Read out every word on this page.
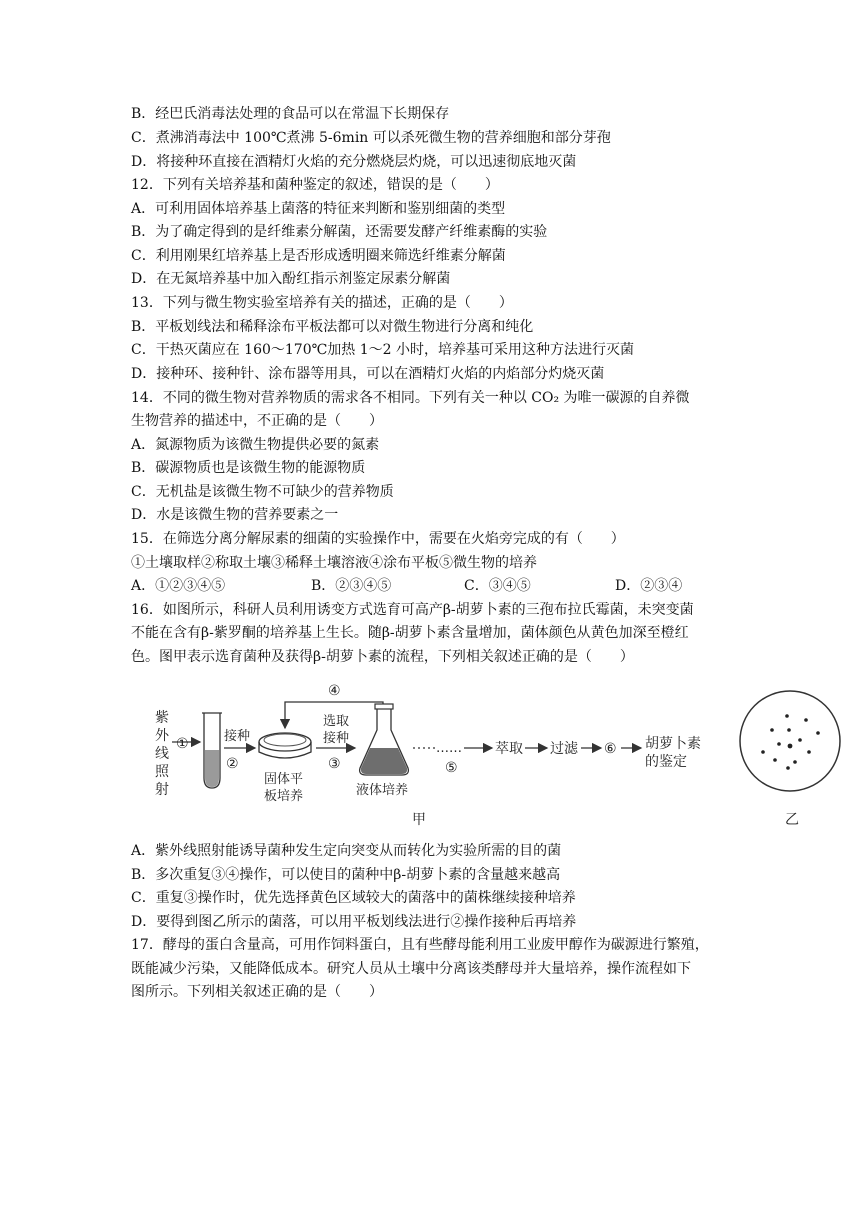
B．经巴氏消毒法处理的食品可以在常温下长期保存
C．煮沸消毒法中 100℃煮沸 5-6min 可以杀死微生物的营养细胞和部分芽孢
D．将接种环直接在酒精灯火焰的充分燃烧层灼烧，可以迅速彻底地灭菌
12．下列有关培养基和菌种鉴定的叙述，错误的是（　　）
A．可利用固体培养基上菌落的特征来判断和鉴别细菌的类型
B．为了确定得到的是纤维素分解菌，还需要发酵产纤维素酶的实验
C．利用刚果红培养基上是否形成透明圈来筛选纤维素分解菌
D．在无氮培养基中加入酚红指示剂鉴定尿素分解菌
13．下列与微生物实验室培养有关的描述，正确的是（　　）
B．平板划线法和稀释涂布平板法都可以对微生物进行分离和纯化
C．干热灭菌应在 160～170℃加热 1～2 小时，培养基可采用这种方法进行灭菌
D．接种环、接种针、涂布器等用具，可以在酒精灯火焰的内焰部分灼烧灭菌
14．不同的微生物对营养物质的需求各不相同。下列有关一种以 CO₂ 为唯一碳源的自养微
生物营养的描述中，不正确的是（　　）
A．氮源物质为该微生物提供必要的氮素
B．碳源物质也是该微生物的能源物质
C．无机盐是该微生物不可缺少的营养物质
D．水是该微生物的营养要素之一
15．在筛选分离分解尿素的细菌的实验操作中，需要在火焰旁完成的有（　　）
①土壤取样②称取土壤③稀释土壤溶液④涂布平板⑤微生物的培养
A．①②③④⑤	B．②③④⑤	C．③④⑤	D．②③④
16．如图所示，科研人员利用诱变方式选育可高产β-胡萝卜素的三孢布拉氏霉菌，未突变菌
不能在含有β-紫罗酮的培养基上生长。随β-胡萝卜素含量增加，菌体颜色从黄色加深至橙红
色。图甲表示选育菌种及获得β-胡萝卜素的流程，下列相关叙述正确的是（　　）
紫
外
线
照
射
①	接种
②
固体平
板培养
选取
接种
③
④
液体培养
……
⑤
萃取 过滤 ⑥ 胡萝卜素
的鉴定
甲	乙
A．紫外线照射能诱导菌种发生定向突变从而转化为实验所需的目的菌
B．多次重复③④操作，可以使目的菌种中β-胡萝卜素的含量越来越高
C．重复③操作时，优先选择黄色区域较大的菌落中的菌株继续接种培养
D．要得到图乙所示的菌落，可以用平板划线法进行②操作接种后再培养
17．酵母的蛋白含量高，可用作饲料蛋白，且有些酵母能利用工业废甲醇作为碳源进行繁殖，
既能减少污染，又能降低成本。研究人员从土壤中分离该类酵母并大量培养，操作流程如下
图所示。下列相关叙述正确的是（　　）
